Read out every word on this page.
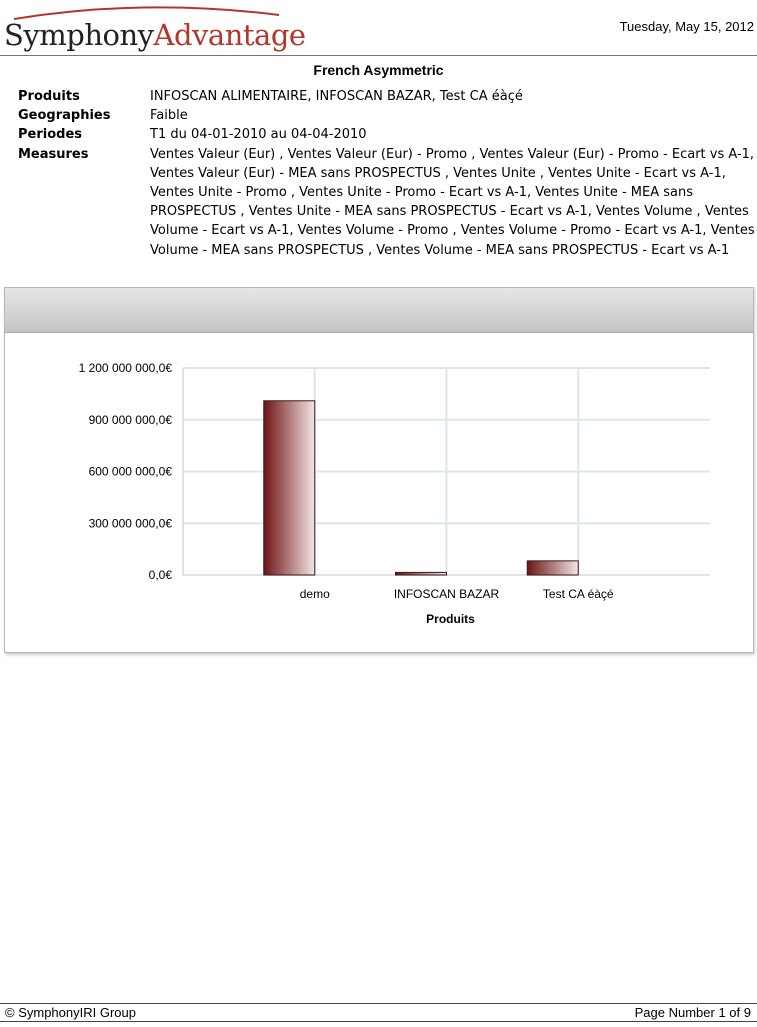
SymphonyAdvantage	Tuesday, May 15, 2012
French Asymmetric
Produits	INFOSCAN ALIMENTAIRE, INFOSCAN BAZAR, Test CA éàçé
Geographies	Faible
Periodes	T1 du 04-01-2010 au 04-04-2010
Measures	Ventes Valeur (Eur) , Ventes Valeur (Eur) - Promo , Ventes Valeur (Eur) - Promo - Ecart vs A-1, Ventes Valeur (Eur) - MEA sans PROSPECTUS , Ventes Unite , Ventes Unite - Ecart vs A-1, Ventes Unite - Promo , Ventes Unite - Promo - Ecart vs A-1, Ventes Unite - MEA sans PROSPECTUS , Ventes Unite - MEA sans PROSPECTUS - Ecart vs A-1, Ventes Volume , Ventes Volume - Ecart vs A-1, Ventes Volume - Promo , Ventes Volume - Promo - Ecart vs A-1, Ventes Volume - MEA sans PROSPECTUS , Ventes Volume - MEA sans PROSPECTUS - Ecart vs A-1
0,0€
300 000 000,0€
600 000 000,0€
900 000 000,0€
1 200 000 000,0€
demo	INFOSCAN BAZAR	Test CA éàçé
Produits
© SymphonyIRI Group	Page Number 1 of 9
